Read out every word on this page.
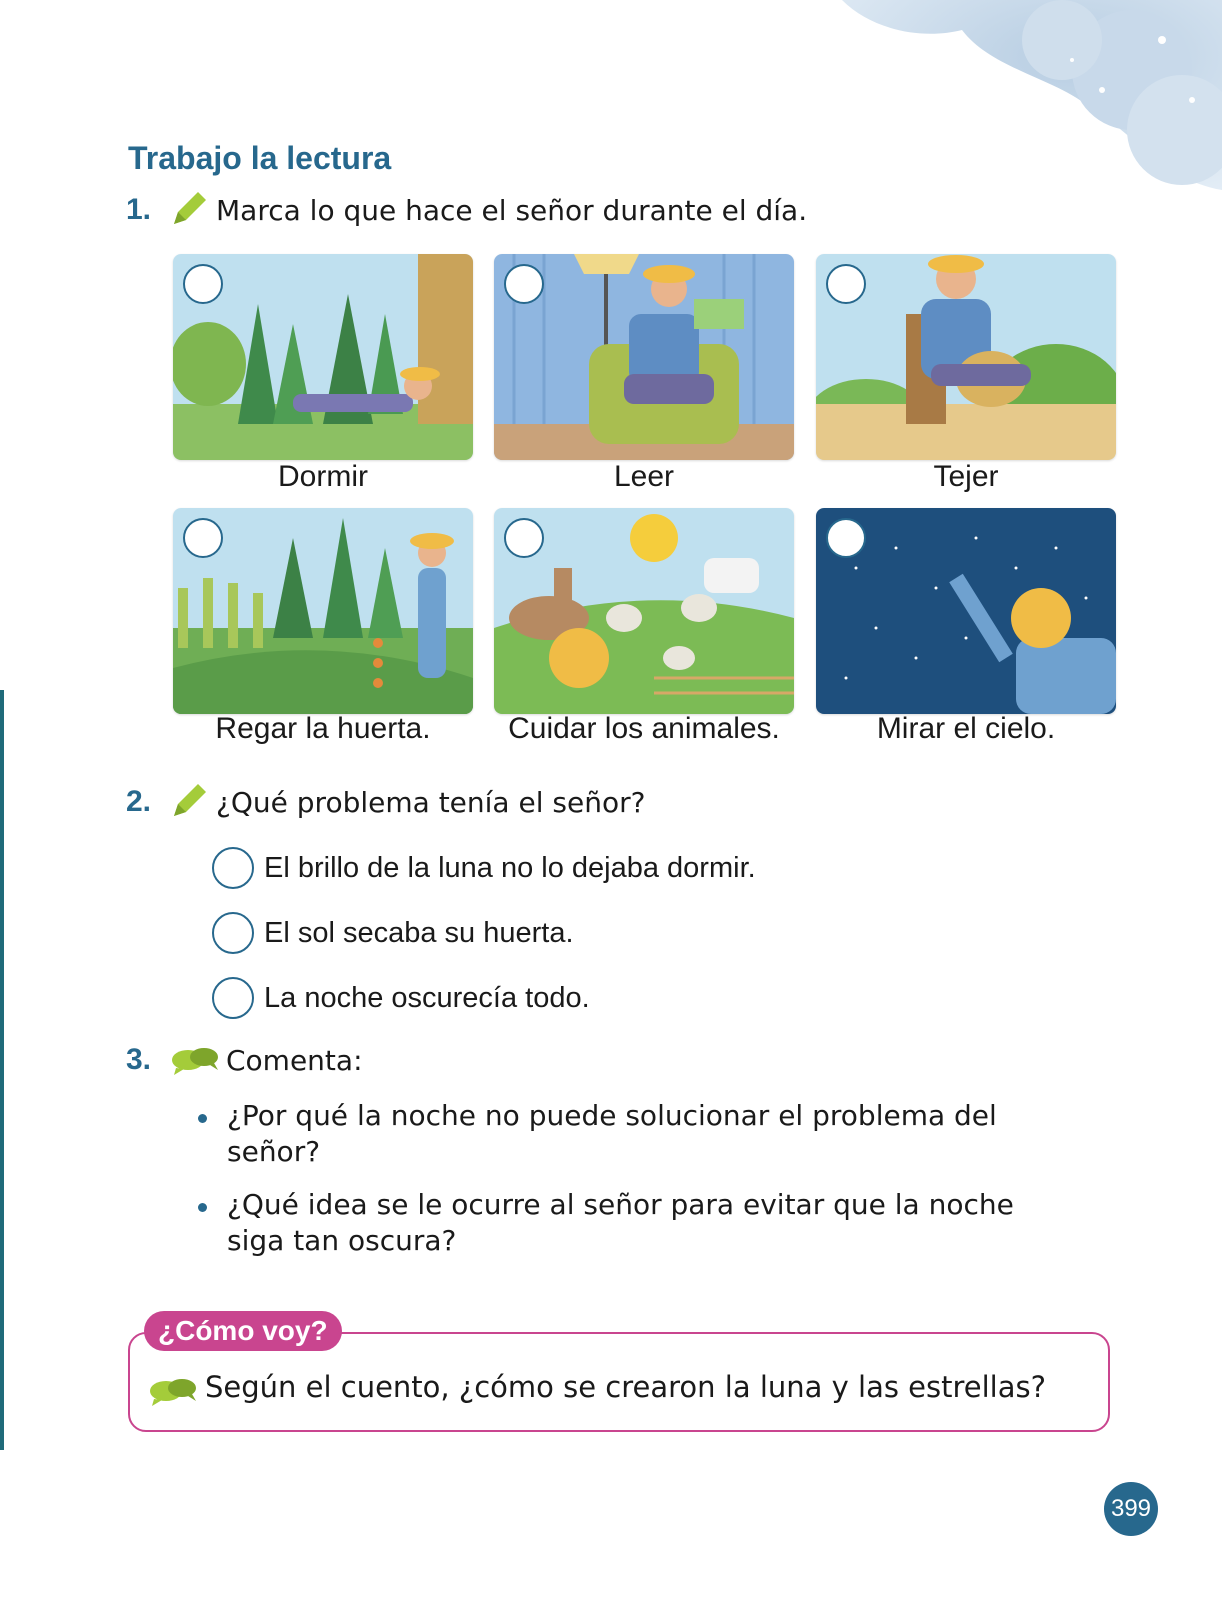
Trabajo la lectura
1. Marca lo que hace el señor durante el día.
Dormir	Leer	Tejer
Regar la huerta.	Cuidar los animales.	Mirar el cielo.
2. ¿Qué problema tenía el señor?
El brillo de la luna no lo dejaba dormir.
El sol secaba su huerta.
La noche oscurecía todo.
3.	Comenta:
¿Por qué la noche no puede solucionar el problema del señor?
¿Qué idea se le ocurre al señor para evitar que la noche siga tan oscura?
¿Cómo voy?
Según el cuento, ¿cómo se crearon la luna y las estrellas?
399
